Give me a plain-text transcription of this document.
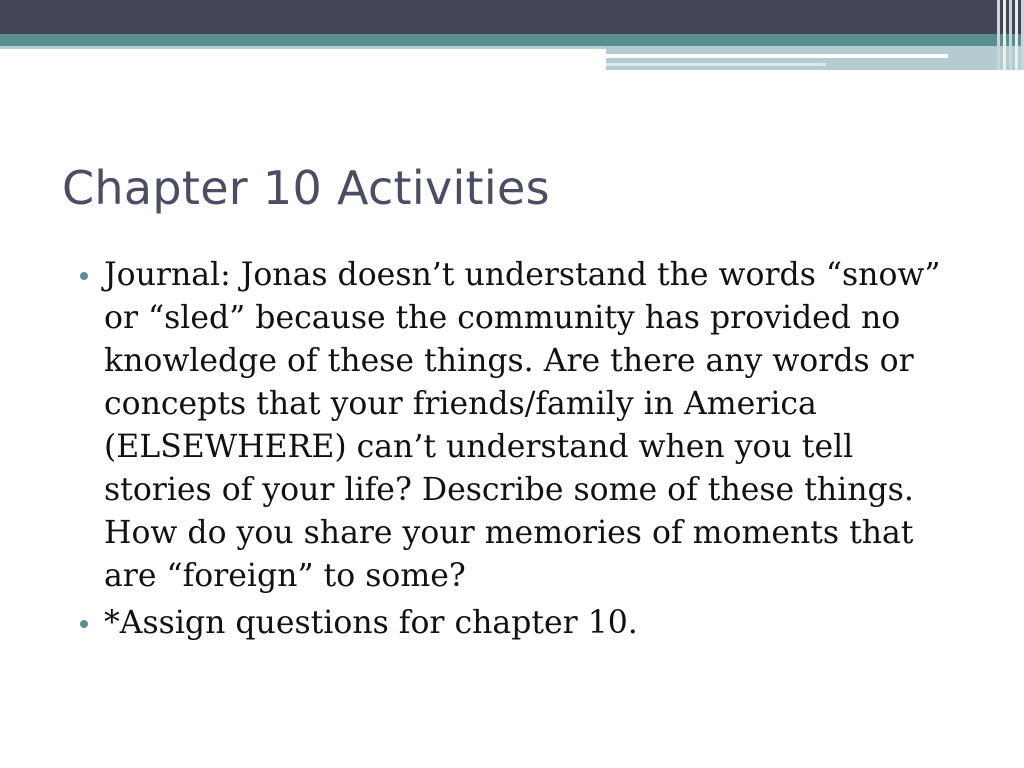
Chapter 10 Activities
Journal: Jonas doesn’t understand the words “snow” or “sled” because the community has provided no knowledge of these things. Are there any words or concepts that your friends/family in America (ELSEWHERE) can’t understand when you tell stories of your life? Describe some of these things. How do you share your memories of moments that are “foreign” to some?
*Assign questions for chapter 10.
